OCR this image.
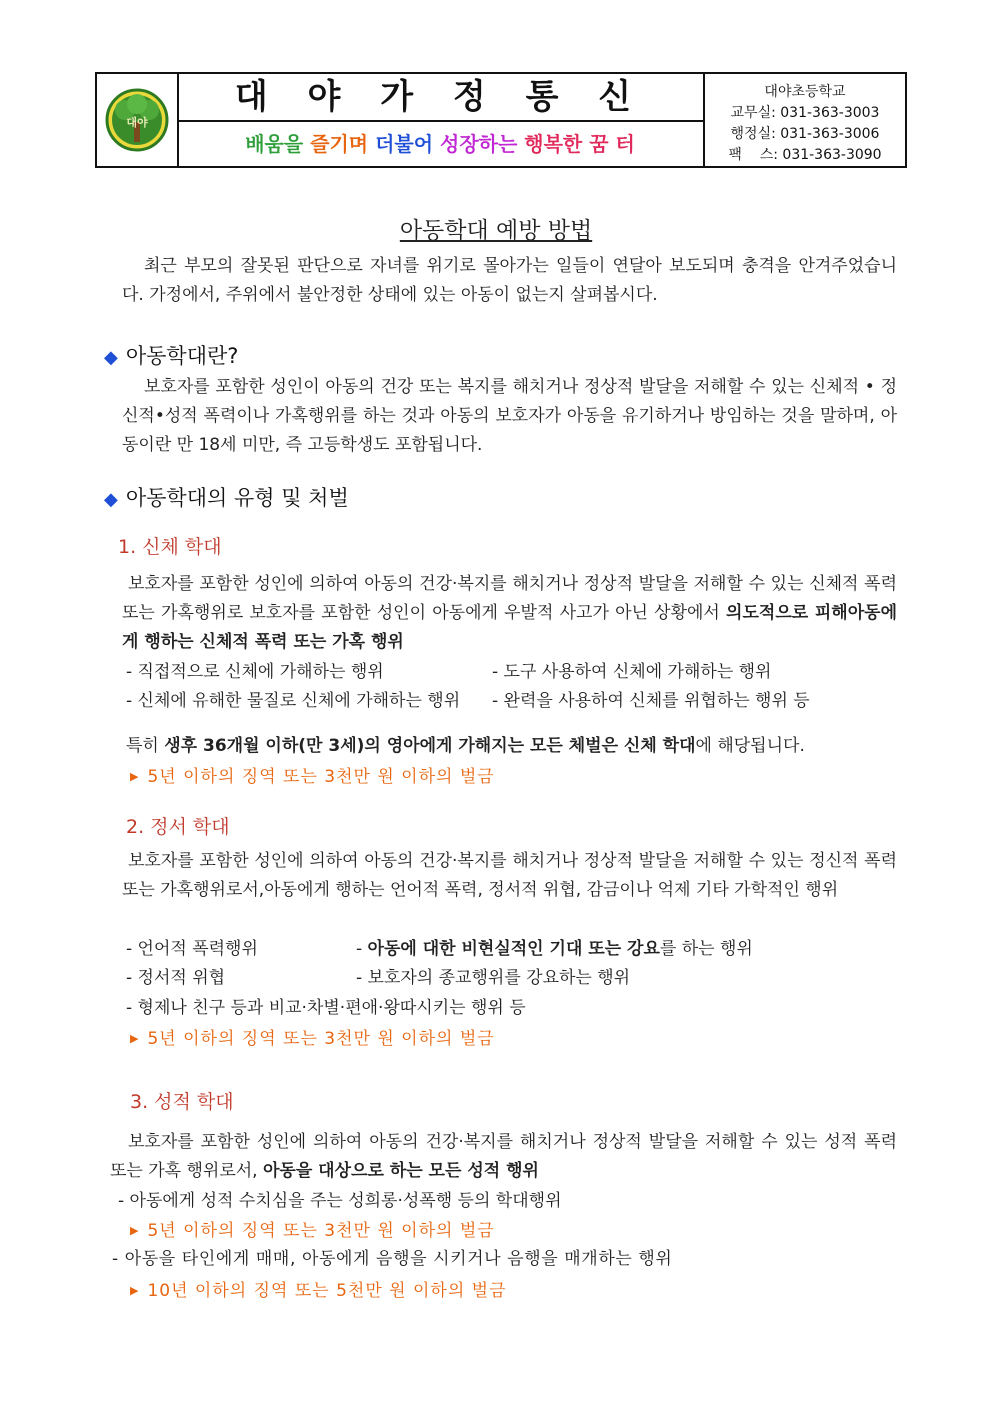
대야
대 야 가 정 통 신
배움을 즐기며 더불어 성장하는 행복한 꿈 터
대야초등학교
교무실: 031-363-3003
행정실: 031-363-3006
팩    스: 031-363-3090
아동학대 예방 방법
최근 부모의 잘못된 판단으로 자녀를 위기로 몰아가는 일들이 연달아 보도되며 충격을 안겨주었습니다. 가정에서, 주위에서 불안정한 상태에 있는 아동이 없는지 살펴봅시다.
◆ 아동학대란?
보호자를 포함한 성인이 아동의 건강 또는 복지를 해치거나 정상적 발달을 저해할 수 있는 신체적 • 정신적•성적 폭력이나 가혹행위를 하는 것과 아동의 보호자가 아동을 유기하거나 방임하는 것을 말하며, 아동이란 만 18세 미만, 즉 고등학생도 포함됩니다.
◆ 아동학대의 유형 및 처벌
1. 신체 학대
보호자를 포함한 성인에 의하여 아동의 건강·복지를 해치거나 정상적 발달을 저해할 수 있는 신체적 폭력 또는 가혹행위로 보호자를 포함한 성인이 아동에게 우발적 사고가 아닌 상황에서 의도적으로 피해아동에게 행하는 신체적 폭력 또는 가혹 행위
- 직접적으로 신체에 가해하는 행위	- 도구 사용하여 신체에 가해하는 행위
- 신체에 유해한 물질로 신체에 가해하는 행위 - 완력을 사용하여 신체를 위협하는 행위 등
특히 생후 36개월 이하(만 3세)의 영아에게 가해지는 모든 체벌은 신체 학대에 해당됩니다.
▶ 5년 이하의 징역 또는 3천만 원 이하의 벌금
2. 정서 학대
보호자를 포함한 성인에 의하여 아동의 건강·복지를 해치거나 정상적 발달을 저해할 수 있는 정신적 폭력 또는 가혹행위로서,아동에게 행하는 언어적 폭력, 정서적 위협, 감금이나 억제 기타 가학적인 행위
- 언어적 폭력행위	- 아동에 대한 비현실적인 기대 또는 강요를 하는 행위
- 정서적 위협	- 보호자의 종교행위를 강요하는 행위
- 형제나 친구 등과 비교·차별·편애·왕따시키는 행위 등
▶ 5년 이하의 징역 또는 3천만 원 이하의 벌금
3. 성적 학대
보호자를 포함한 성인에 의하여 아동의 건강·복지를 해치거나 정상적 발달을 저해할 수 있는 성적 폭력 또는 가혹 행위로서, 아동을 대상으로 하는 모든 성적 행위
- 아동에게 성적 수치심을 주는 성희롱·성폭행 등의 학대행위
▶ 5년 이하의 징역 또는 3천만 원 이하의 벌금
- 아동을 타인에게 매매, 아동에게 음행을 시키거나 음행을 매개하는 행위
▶ 10년 이하의 징역 또는 5천만 원 이하의 벌금
